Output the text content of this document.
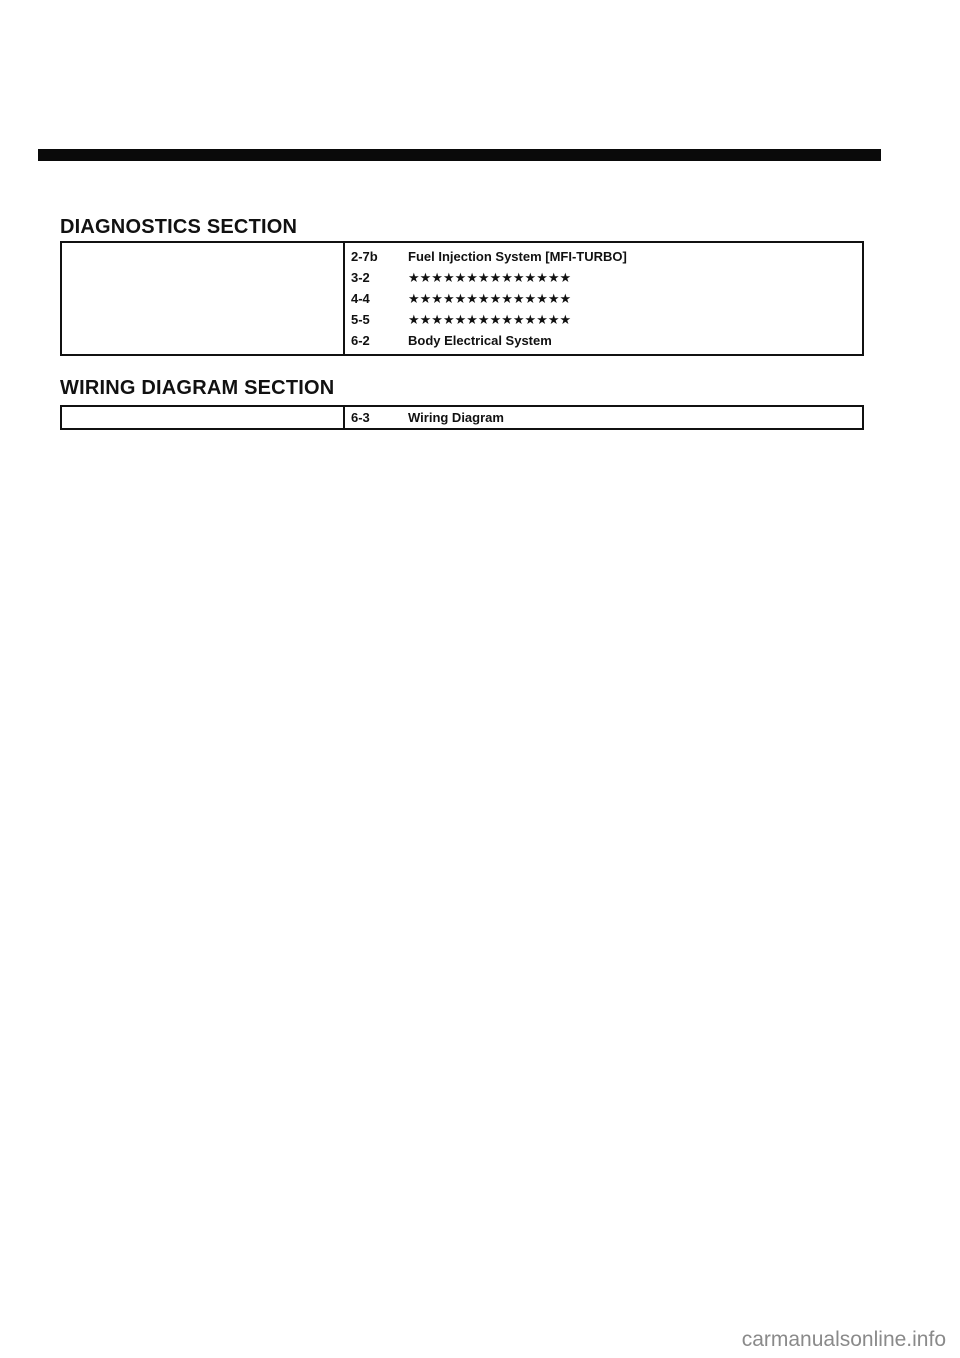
DIAGNOSTICS SECTION
2-7b	Fuel Injection System [MFI-TURBO]
3-2	★★★★★★★★★★★★★★
4-4	★★★★★★★★★★★★★★
5-5	★★★★★★★★★★★★★★
6-2	Body Electrical System
WIRING DIAGRAM SECTION
6-3	Wiring Diagram
carmanualsonline.info
